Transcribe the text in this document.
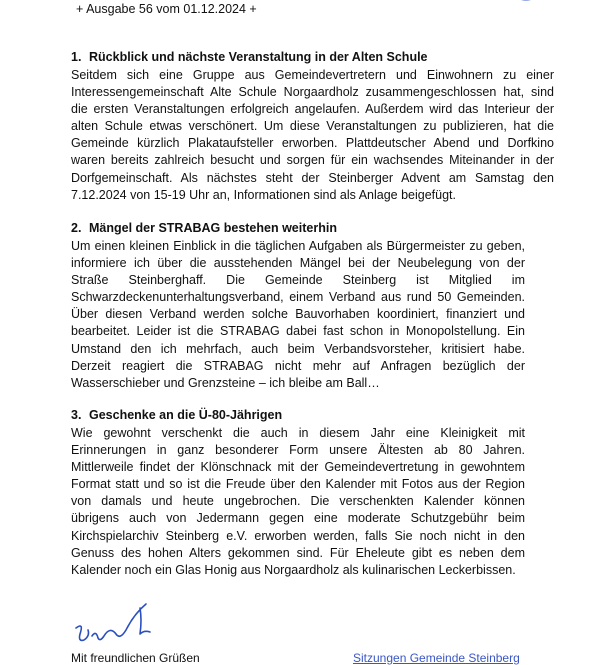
+ Ausgabe 56 vom 01.12.2024 +
1. Rückblick und nächste Veranstaltung in der Alten Schule

Seitdem sich eine Gruppe aus Gemeindevertretern und Einwohnern zu einer

Interessengemeinschaft Alte Schule Norgaardholz zusammengeschlossen hat, sind

die ersten Veranstaltungen erfolgreich angelaufen. Außerdem wird das Interieur der

alten Schule etwas verschönert. Um diese Veranstaltungen zu publizieren, hat die

Gemeinde kürzlich Plakataufsteller erworben. Plattdeutscher Abend und Dorfkino

waren bereits zahlreich besucht und sorgen für ein wachsendes Miteinander in der

Dorfgemeinschaft. Als nächstes steht der Steinberger Advent am Samstag den

7.12.2024 von 15-19 Uhr an, Informationen sind als Anlage beigefügt.

2. Mängel der STRABAG bestehen weiterhin

Um einen kleinen Einblick in die täglichen Aufgaben als Bürgermeister zu geben,

informiere ich über die ausstehenden Mängel bei der Neubelegung von der

Straße Steinberghaff. Die Gemeinde Steinberg ist Mitglied im

Schwarzdeckenunterhaltungsverband, einem Verband aus rund 50 Gemeinden.

Über diesen Verband werden solche Bauvorhaben koordiniert, finanziert und

bearbeitet. Leider ist die STRABAG dabei fast schon in Monopolstellung. Ein

Umstand den ich mehrfach, auch beim Verbandsvorsteher, kritisiert habe.

Derzeit reagiert die STRABAG nicht mehr auf Anfragen bezüglich der

Wasserschieber und Grenzsteine – ich bleibe am Ball…

3. Geschenke an die Ü-80-Jährigen

Wie gewohnt verschenkt die auch in diesem Jahr eine Kleinigkeit mit

Erinnerungen in ganz besonderer Form unsere Ältesten ab 80 Jahren.

Mittlerweile findet der Klönschnack mit der Gemeindevertretung in gewohntem

Format statt und so ist die Freude über den Kalender mit Fotos aus der Region

von damals und heute ungebrochen. Die verschenkten Kalender können

übrigens auch von Jedermann gegen eine moderate Schutzgebühr beim

Kirchspielarchiv Steinberg e.V. erworben werden, falls Sie noch nicht in den

Genuss des hohen Alters gekommen sind. Für Eheleute gibt es neben dem

Kalender noch ein Glas Honig aus Norgaardholz als kulinarischen Leckerbissen.

Mit freundlichen Grüßen	Sitzungen Gemeinde Steinberg
